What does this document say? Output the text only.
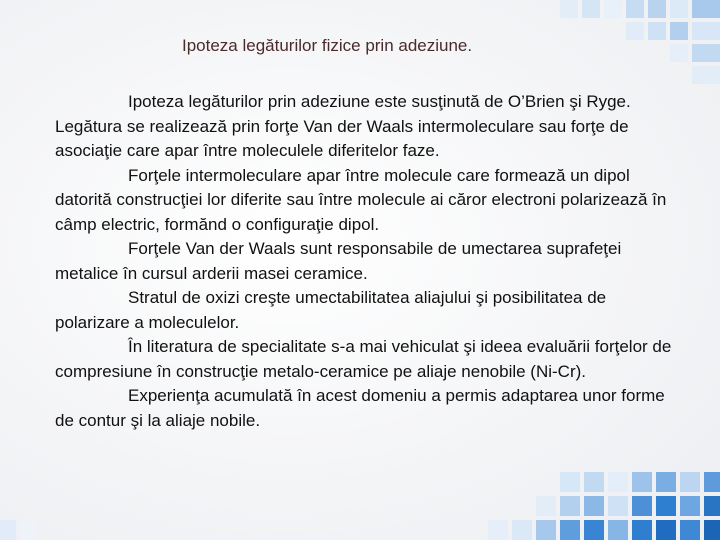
Ipoteza legăturilor fizice prin adeziune.

Ipoteza legăturilor prin adeziune este susţinută de O’Brien şi Ryge. Legătura se realizează prin forţe Van der Waals intermoleculare sau forţe de asociaţie care apar între moleculele diferitelor faze.

Forţele intermoleculare apar între molecule care formează un dipol datorită construcţiei lor diferite sau între molecule ai căror electroni polarizează în câmp electric, formănd o configuraţie dipol.

Forţele Van der Waals sunt responsabile de umectarea suprafeţei metalice în cursul arderii masei ceramice.

Stratul de oxizi creşte umectabilitatea aliajului şi posibilitatea de polarizare a moleculelor.

În literatura de specialitate s-a mai vehiculat şi ideea evaluării forţelor de compresiune în construcţie metalo-ceramice pe aliaje nenobile (Ni-Cr).

Experienţa acumulată în acest domeniu a permis adaptarea unor forme de contur şi la aliaje nobile.
